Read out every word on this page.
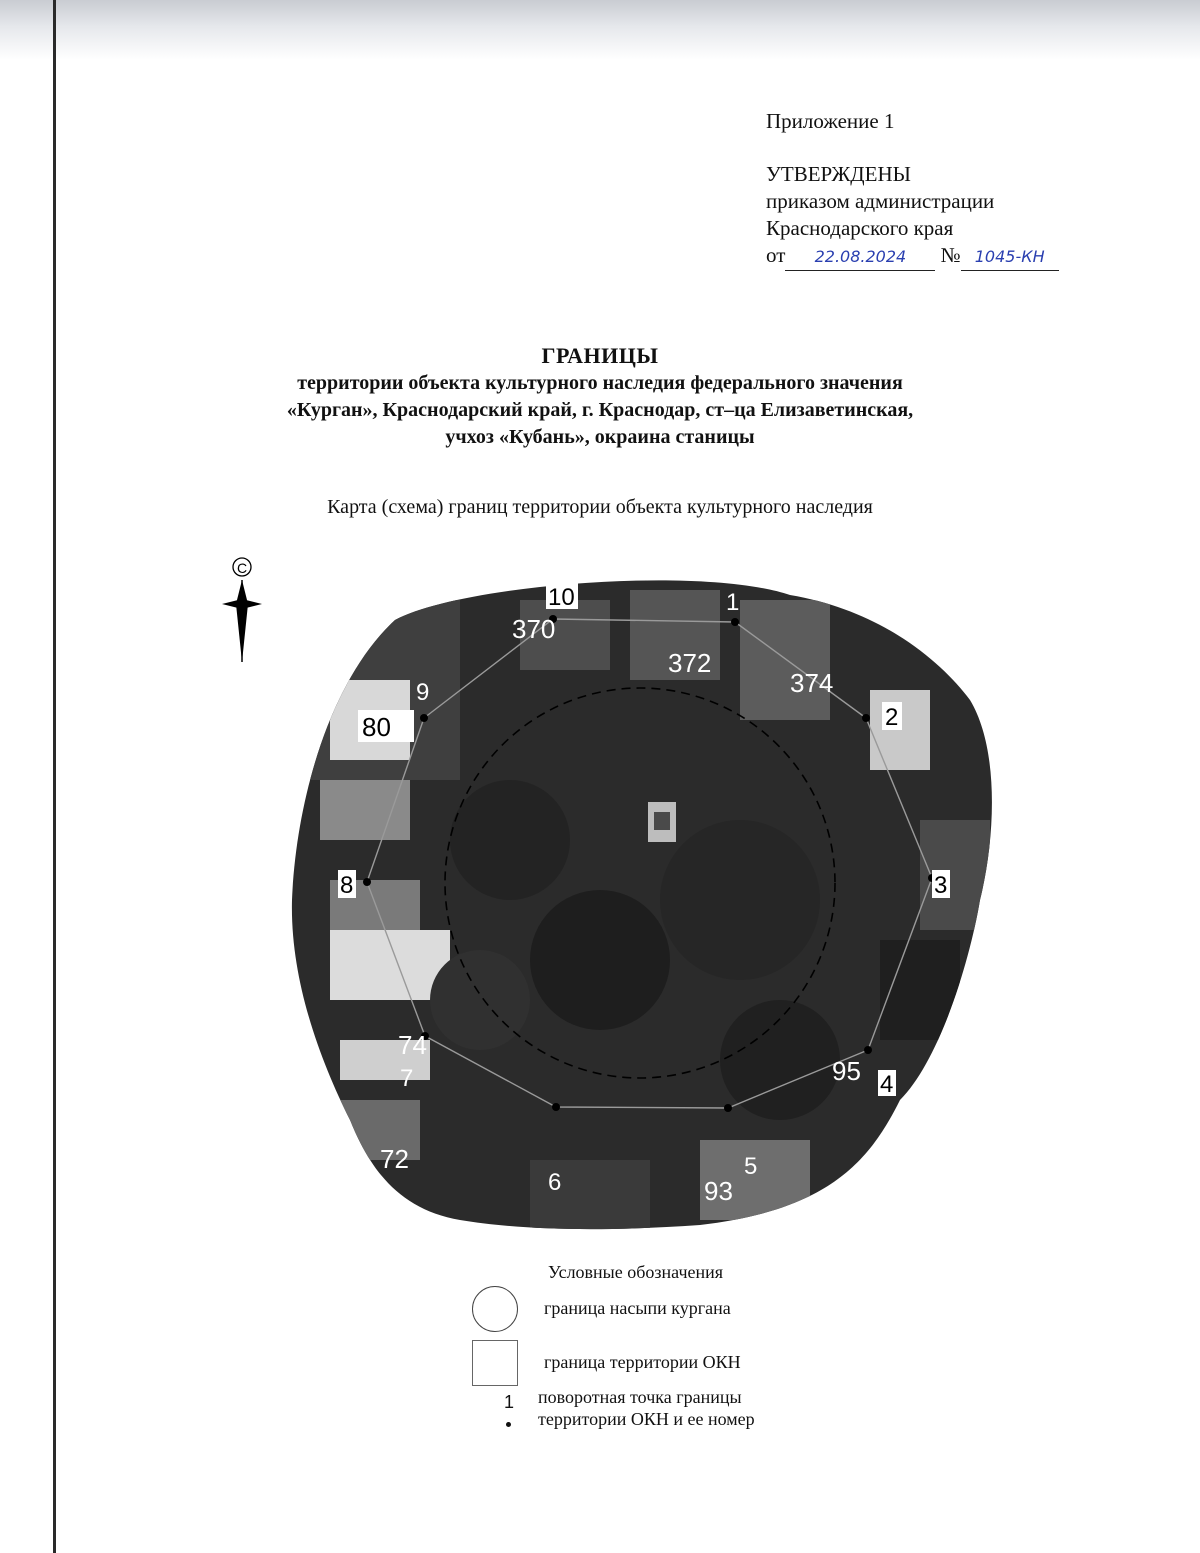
Приложение 1
УТВЕРЖДЕНЫ
приказом администрации
Краснодарского края
от 22.08.2024 № 1045-КН
ГРАНИЦЫ
территории объекта культурного наследия федерального значения
«Курган», Краснодарский край, г. Краснодар, ст–ца Елизаветинская,
учхоз «Кубань», окраина станицы
Карта (схема) границ территории объекта культурного наследия
10	1
2
3
4
5
6
7
8
9
370
372
374
80
74
72
95
93
С
Условные обозначения
граница насыпи кургана
граница территории ОКН
1 поворотная точка границы
территории ОКН и ее номер
